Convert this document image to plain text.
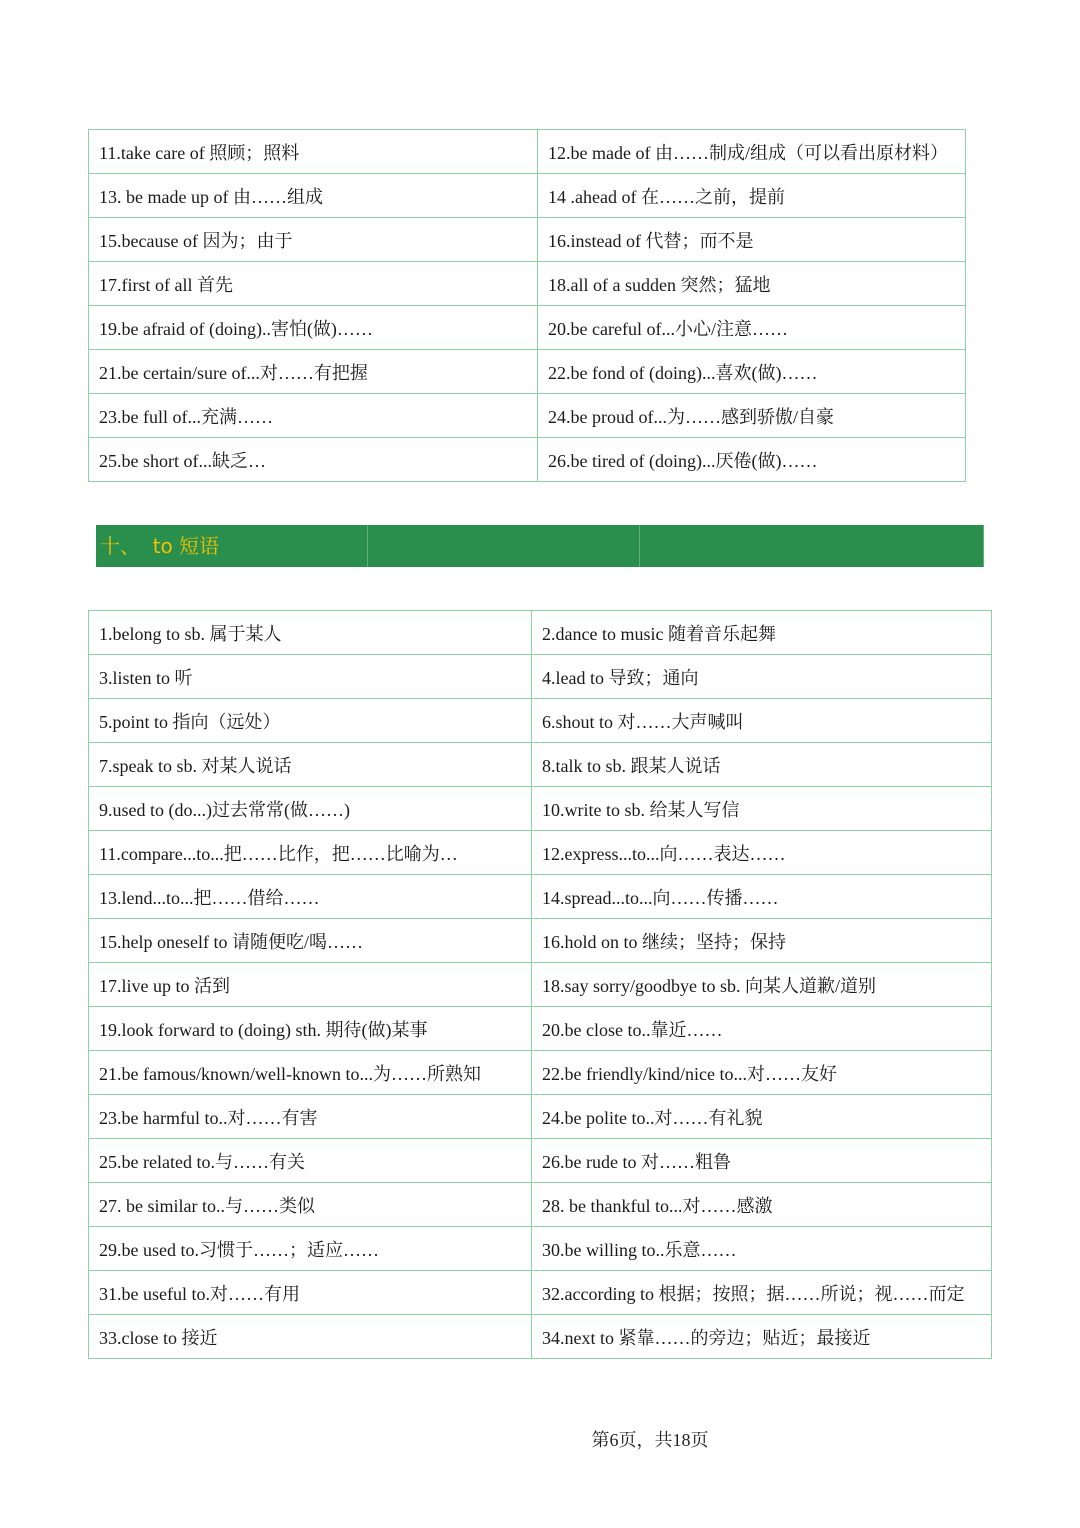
11.take care of 照顾；照料	12.be made of 由……制成/组成（可以看出原材料）
13. be made up of 由……组成	14 .ahead of 在……之前，提前
15.because of 因为；由于	16.instead of 代替；而不是
17.first of all 首先	18.all of a sudden 突然；猛地
19.be afraid of (doing)..害怕(做)……	20.be careful of...小心/注意……
21.be certain/sure of...对……有把握	22.be fond of (doing)...喜欢(做)……
23.be full of...充满……	24.be proud of...为……感到骄傲/自豪
25.be short of...缺乏…	26.be tired of (doing)...厌倦(做)……
十、  to 短语
1.belong to sb. 属于某人	2.dance to music 随着音乐起舞
3.listen to 听	4.lead to 导致；通向
5.point to 指向（远处）	6.shout to 对……大声喊叫
7.speak to sb. 对某人说话	8.talk to sb. 跟某人说话
9.used to (do...)过去常常(做……)	10.write to sb. 给某人写信
11.compare...to...把……比作，把……比喻为…	12.express...to...向……表达……
13.lend...to...把……借给……	14.spread...to...向……传播……
15.help oneself to 请随便吃/喝……	16.hold on to 继续；坚持；保持
17.live up to 活到	18.say sorry/goodbye to sb. 向某人道歉/道别
19.look forward to (doing) sth. 期待(做)某事	20.be close to..靠近……
21.be famous/known/well-known to...为……所熟知	22.be friendly/kind/nice to...对……友好
23.be harmful to..对……有害	24.be polite to..对……有礼貌
25.be related to.与……有关	26.be rude to 对……粗鲁
27. be similar to..与……类似	28. be thankful to...对……感激
29.be used to.习惯于……；适应……	30.be willing to..乐意……
31.be useful to.对……有用	32.according to 根据；按照；据……所说；视……而定
33.close to 接近	34.next to 紧靠……的旁边；贴近；最接近
第6页，共18页
